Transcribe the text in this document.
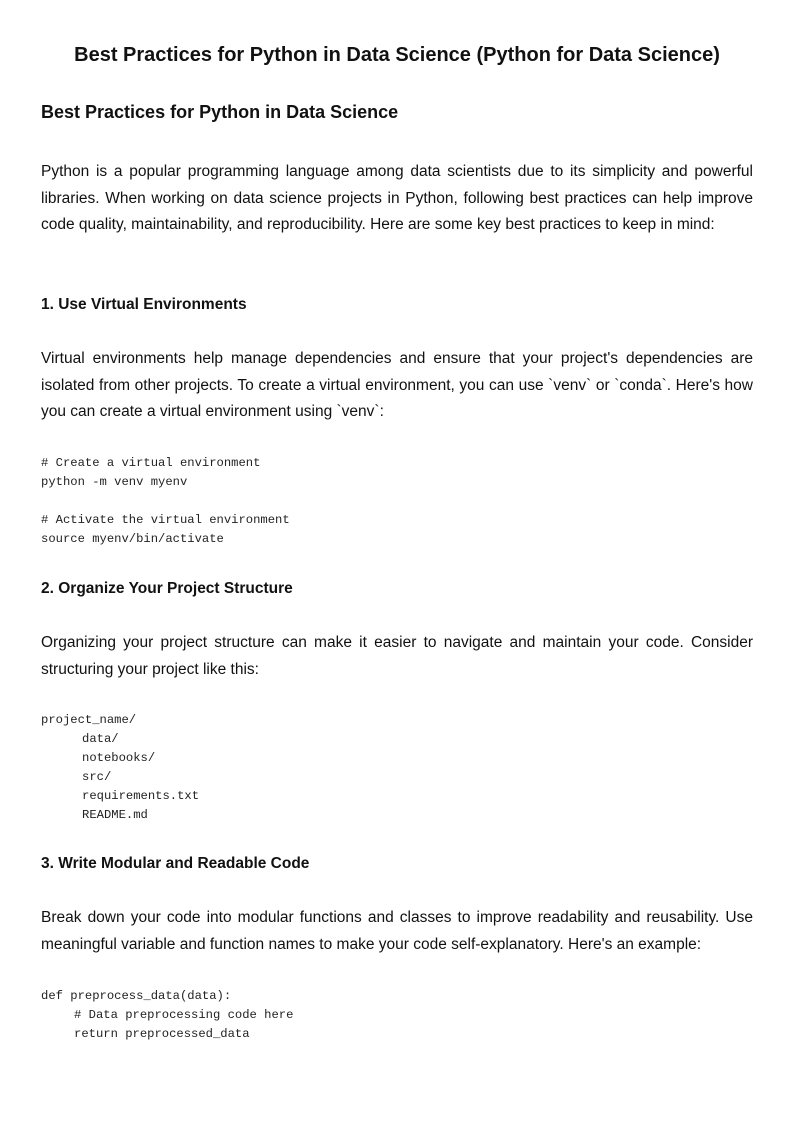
Best Practices for Python in Data Science (Python for Data Science)
Best Practices for Python in Data Science

Python is a popular programming language among data scientists due to its simplicity and powerful libraries. When working on data science projects in Python, following best practices can help improve code quality, maintainability, and reproducibility. Here are some key best practices to keep in mind:

1. Use Virtual Environments

Virtual environments help manage dependencies and ensure that your project's dependencies are isolated from other projects. To create a virtual environment, you can use `venv` or `conda`. Here's how you can create a virtual environment using `venv`:

# Create a virtual environment
python -m venv myenv
# Activate the virtual environment
source myenv/bin/activate
2. Organize Your Project Structure

Organizing your project structure can make it easier to navigate and maintain your code. Consider structuring your project like this:

project_name/
data/
notebooks/
src/
requirements.txt
README.md
3. Write Modular and Readable Code

Break down your code into modular functions and classes to improve readability and reusability. Use meaningful variable and function names to make your code self-explanatory. Here's an example:

def preprocess_data(data):
# Data preprocessing code here
return preprocessed_data
